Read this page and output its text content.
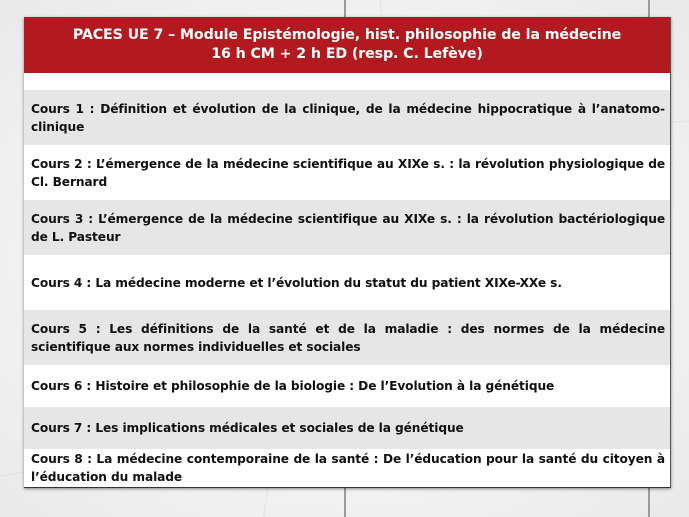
PACES UE 7 – Module Epistémologie, hist. philosophie de la médecine
16 h CM + 2 h ED (resp. C. Lefève)
Cours 1 : Définition et évolution de la clinique, de la médecine hippocratique à l’anatomo-clinique
Cours 2 : L’émergence de la médecine scientifique au XIXe s. : la révolution physiologique de Cl. Bernard
Cours 3 : L’émergence de la médecine scientifique au XIXe s. : la révolution bactériologique de L. Pasteur
Cours 4 : La médecine moderne et l’évolution du statut du patient XIXe-XXe s.
Cours 5 : Les définitions de la santé et de la maladie : des normes de la médecine scientifique aux normes individuelles et sociales
Cours 6 : Histoire et philosophie de la biologie : De l’Evolution à la génétique
Cours 7 : Les implications médicales et sociales de la génétique
Cours 8 : La médecine contemporaine de la santé : De l’éducation pour la santé du citoyen à l’éducation du malade
